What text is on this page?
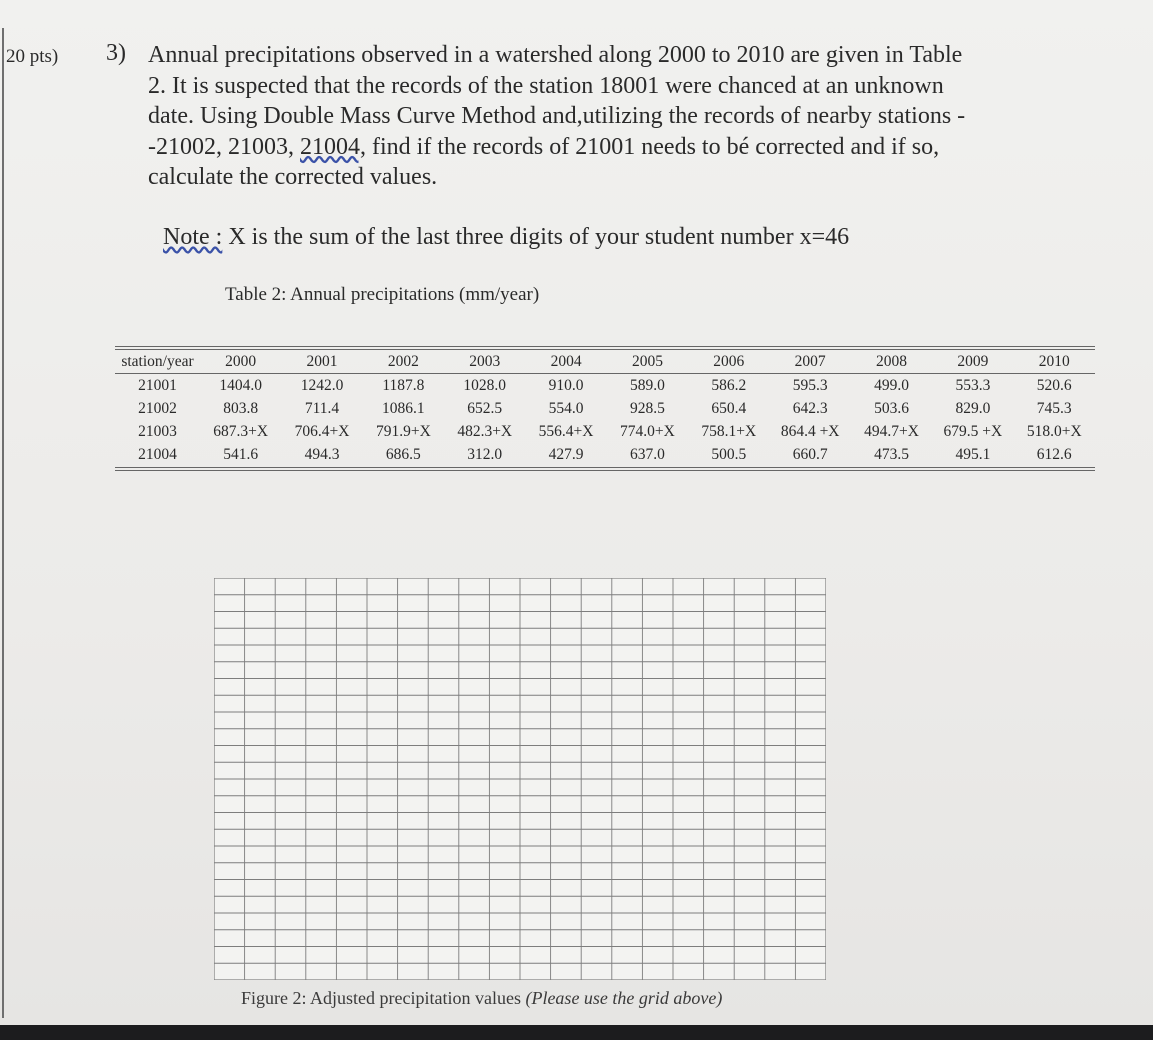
20 pts) 3) Annual precipitations observed in a watershed along 2000 to 2010 are given in Table
2. It is suspected that the records of the station 18001 were chanced at an unknown
date. Using Double Mass Curve Method and,utilizing the records of nearby stations -
-21002, 21003, 21004, find if the records of 21001 needs to bé corrected and if so,
calculate the corrected values.
Note : X is the sum of the last three digits of your student number x=46
Table 2: Annual precipitations (mm/year)
station/year	2000	2001	2002	2003	2004	2005	2006	2007	2008	2009	2010
21001	1404.0	1242.0	1187.8	1028.0	910.0	589.0	586.2	595.3	499.0	553.3	520.6
21002	803.8	711.4	1086.1	652.5	554.0	928.5	650.4	642.3	503.6	829.0	745.3
21003	687.3+X	706.4+X	791.9+X	482.3+X	556.4+X	774.0+X	758.1+X	864.4 +X	494.7+X	679.5 +X	518.0+X
21004	541.6	494.3	686.5	312.0	427.9	637.0	500.5	660.7	473.5	495.1	612.6
Figure 2: Adjusted precipitation values (Please use the grid above)
